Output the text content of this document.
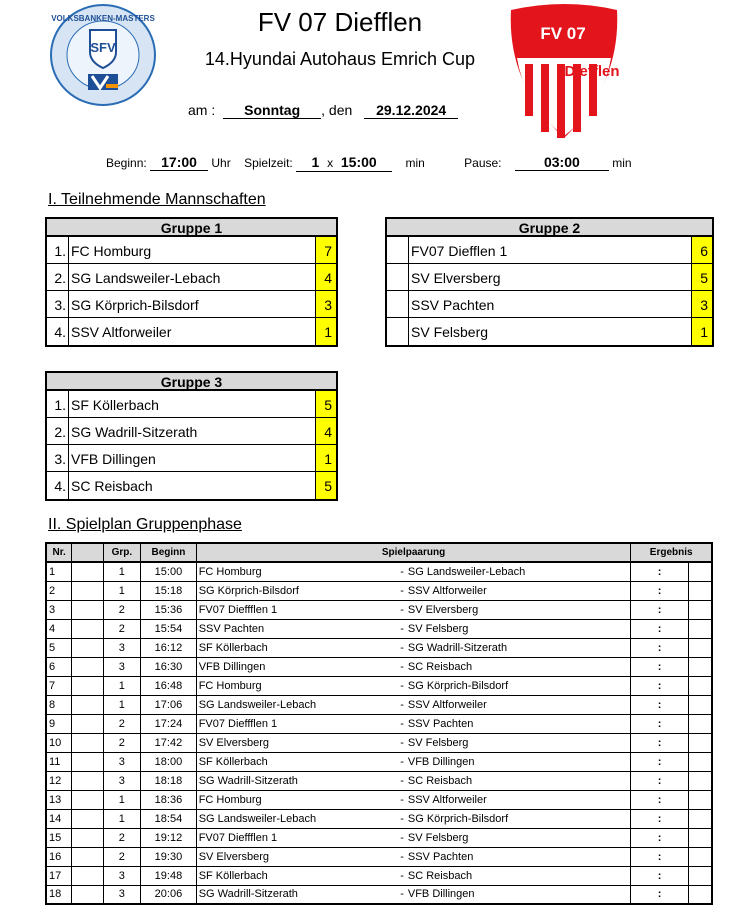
VOLKSBANKEN-MASTERS
SFV
FV 07
Diefflen
FV 07 Diefflen
14.Hyundai Autohaus Emrich Cup
am : Sonntag , den 29.12.2024
Beginn: 17:00 Uhr Spielzeit: 1 x 15:00 min	Pause:	03:00	min
I. Teilnehmende Mannschaften
Gruppe 1
1. FC Homburg	7
2. SG Landsweiler-Lebach	4
3. SG Körprich-Bilsdorf	3
4. SSV Altforweiler	1
Gruppe 2
FV07 Diefflen 1	6
SV Elversberg	5
SSV Pachten	3
SV Felsberg	1
Gruppe 3
1. SF Köllerbach	5
2. SG Wadrill-Sitzerath	4
3. VFB Dillingen	1
4. SC Reisbach	5
II. Spielplan Gruppenphase
Nr.		Grp.	Beginn	Spielpaarung			Ergebnis	
1		1	15:00	FC Homburg	-	SG Landsweiler-Lebach	:	
2		1	15:18	SG Körprich-Bilsdorf	-	SSV Altforweiler	:	
3		2	15:36	FV07 Dieffflen 1	-	SV Elversberg	:	
4		2	15:54	SSV Pachten	-	SV Felsberg	:	
5		3	16:12	SF Köllerbach	-	SG Wadrill-Sitzerath	:	
6		3	16:30	VFB Dillingen	-	SC Reisbach	:	
7		1	16:48	FC Homburg	-	SG Körprich-Bilsdorf	:	
8		1	17:06	SG Landsweiler-Lebach	-	SSV Altforweiler	:	
9		2	17:24	FV07 Dieffflen 1	-	SSV Pachten	:	
10		2	17:42	SV Elversberg	-	SV Felsberg	:	
11		3	18:00	SF Köllerbach	-	VFB Dillingen	:	
12		3	18:18	SG Wadrill-Sitzerath	-	SC Reisbach	:	
13		1	18:36	FC Homburg	-	SSV Altforweiler	:	
14		1	18:54	SG Landsweiler-Lebach	-	SG Körprich-Bilsdorf	:	
15		2	19:12	FV07 Dieffflen 1	-	SV Felsberg	:	
16		2	19:30	SV Elversberg	-	SSV Pachten	:	
17		3	19:48	SF Köllerbach	-	SC Reisbach	:	
18		3	20:06	SG Wadrill-Sitzerath	-	VFB Dillingen	:	
